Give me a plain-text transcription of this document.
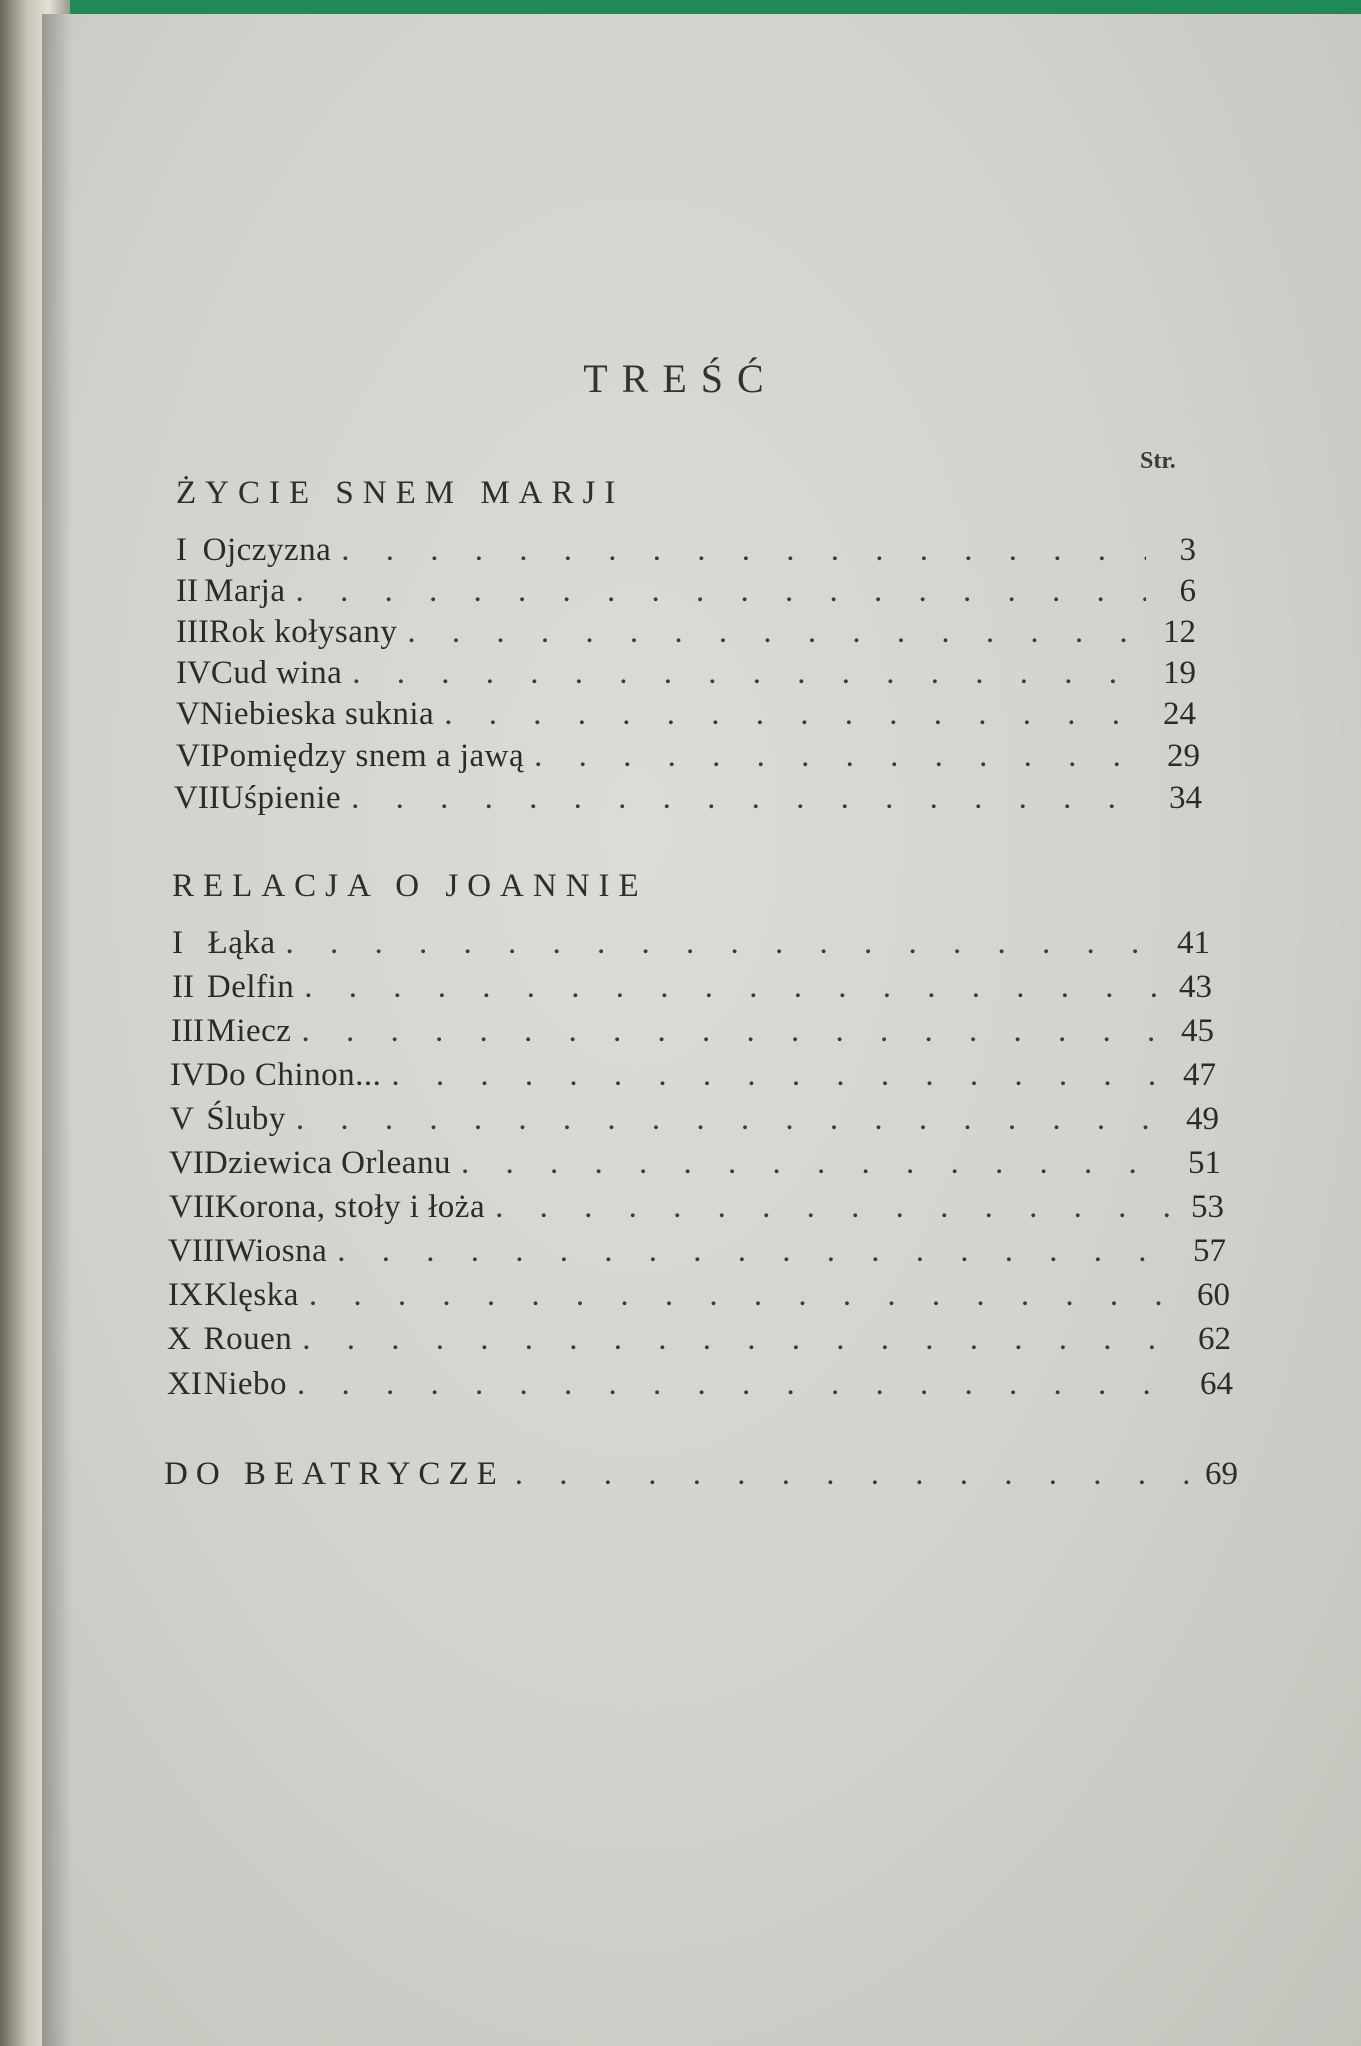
TREŚĆ
Str.
ŻYCIE SNEM MARJI
I Ojczyzna . . .	3
II Marja . . .	6
III Rok kołysany . . .	12
IV Cud wina . . .	19
V Niebieska suknia . . .	24
VI Pomiędzy snem a jawą . . .	29
VII Uśpienie . . .	34
RELACJA O JOANNIE
I Łąka . . .	41
II Delfin . . .	43
III Miecz . . .	45
IV Do Chinon... . . .	47
V Śluby . . .	49
VI Dziewica Orleanu . . .	51
VII Korona, stoły i łoża . . .	53
VIII Wiosna . . .	57
IX Klęska . . .	60
X Rouen . . .	62
XI Niebo . . .	64
DO BEATRYCZE . . .	69
